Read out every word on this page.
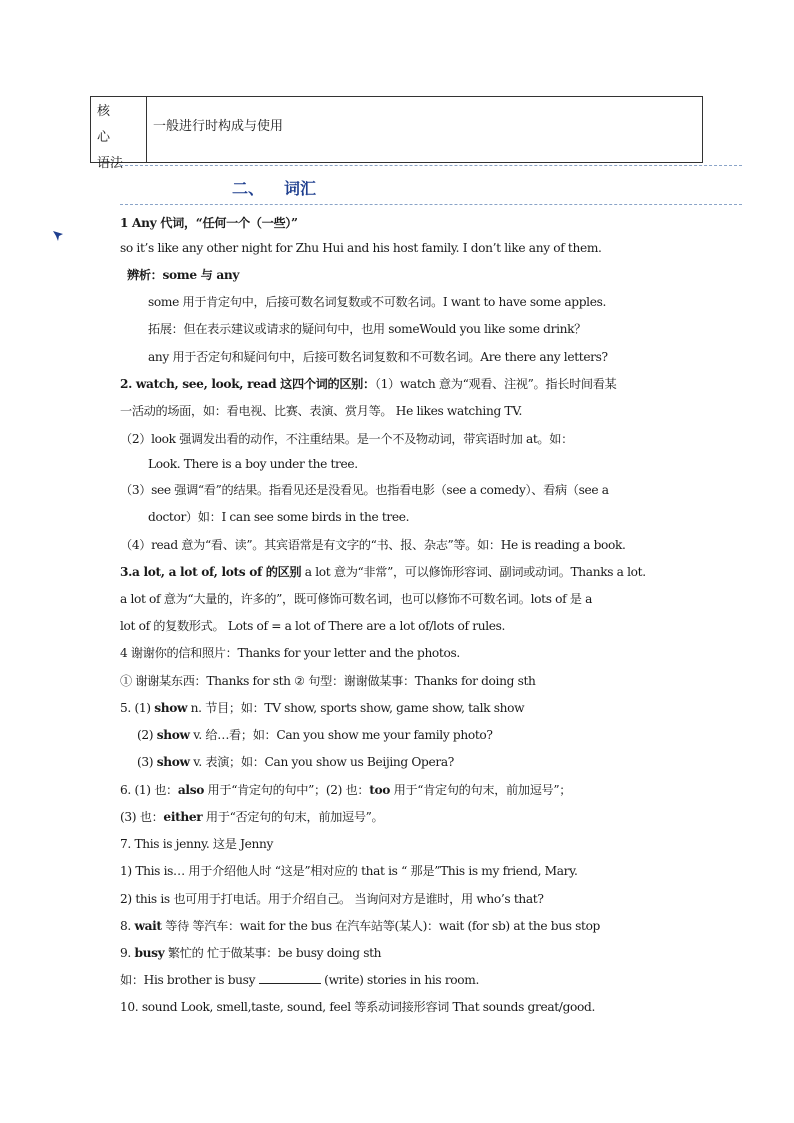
核心
语法
一般进行时构成与使用
二、 词汇
1 Any 代词，“任何一个（一些）”
so it’s like any other night for Zhu Hui and his host family. I don’t like any of them.
辨析：some 与 any
some 用于肯定句中，后接可数名词复数或不可数名词。I want to have some apples.
拓展：但在表示建议或请求的疑问句中，也用 someWould you like some drink？
any 用于否定句和疑问句中，后接可数名词复数和不可数名词。Are there any letters?
2. watch, see, look, read 这四个词的区别：（1）watch 意为“观看、注视”。指长时间看某
一活动的场面，如：看电视、比赛、表演、赏月等。 He likes watching TV.
（2）look 强调发出看的动作，不注重结果。是一个不及物动词，带宾语时加 at。如：
Look. There is a boy under the tree.
（3）see 强调“看”的结果。指看见还是没看见。也指看电影（see a comedy）、看病（see a
doctor）如：I can see some birds in the tree.
（4）read 意为“看、读”。其宾语常是有文字的“书、报、杂志”等。如：He is reading a book.
3.a lot, a lot of, lots of 的区别 a lot 意为“非常”，可以修饰形容词、副词或动词。Thanks a lot.
a lot of 意为“大量的，许多的”，既可修饰可数名词，也可以修饰不可数名词。lots of 是 a
lot of 的复数形式。 Lots of = a lot of There are a lot of/lots of rules.
4 谢谢你的信和照片：Thanks for your letter and the photos.
① 谢谢某东西：Thanks for sth ② 句型：谢谢做某事：Thanks for doing sth
5. (1) show n. 节目；如：TV show, sports show, game show, talk show
(2) show v. 给…看；如：Can you show me your family photo?
(3) show v. 表演；如：Can you show us Beijing Opera?
6. (1) 也：also 用于“肯定句的句中”；(2) 也：too 用于“肯定句的句末，前加逗号”；
(3) 也：either 用于“否定句的句末，前加逗号”。
7. This is jenny. 这是 Jenny
1) This is… 用于介绍他人时 “这是”相对应的 that is “ 那是”This is my friend, Mary.
2) this is 也可用于打电话。用于介绍自己。 当询问对方是谁时，用 who’s that?
8. wait 等待 等汽车：wait for the bus 在汽车站等(某人)：wait (for sb) at the bus stop
9. busy 繁忙的 忙于做某事：be busy doing sth
如：His brother is busy	(write) stories in his room.
10. sound Look, smell,taste, sound, feel 等系动词接形容词 That sounds great/good.
